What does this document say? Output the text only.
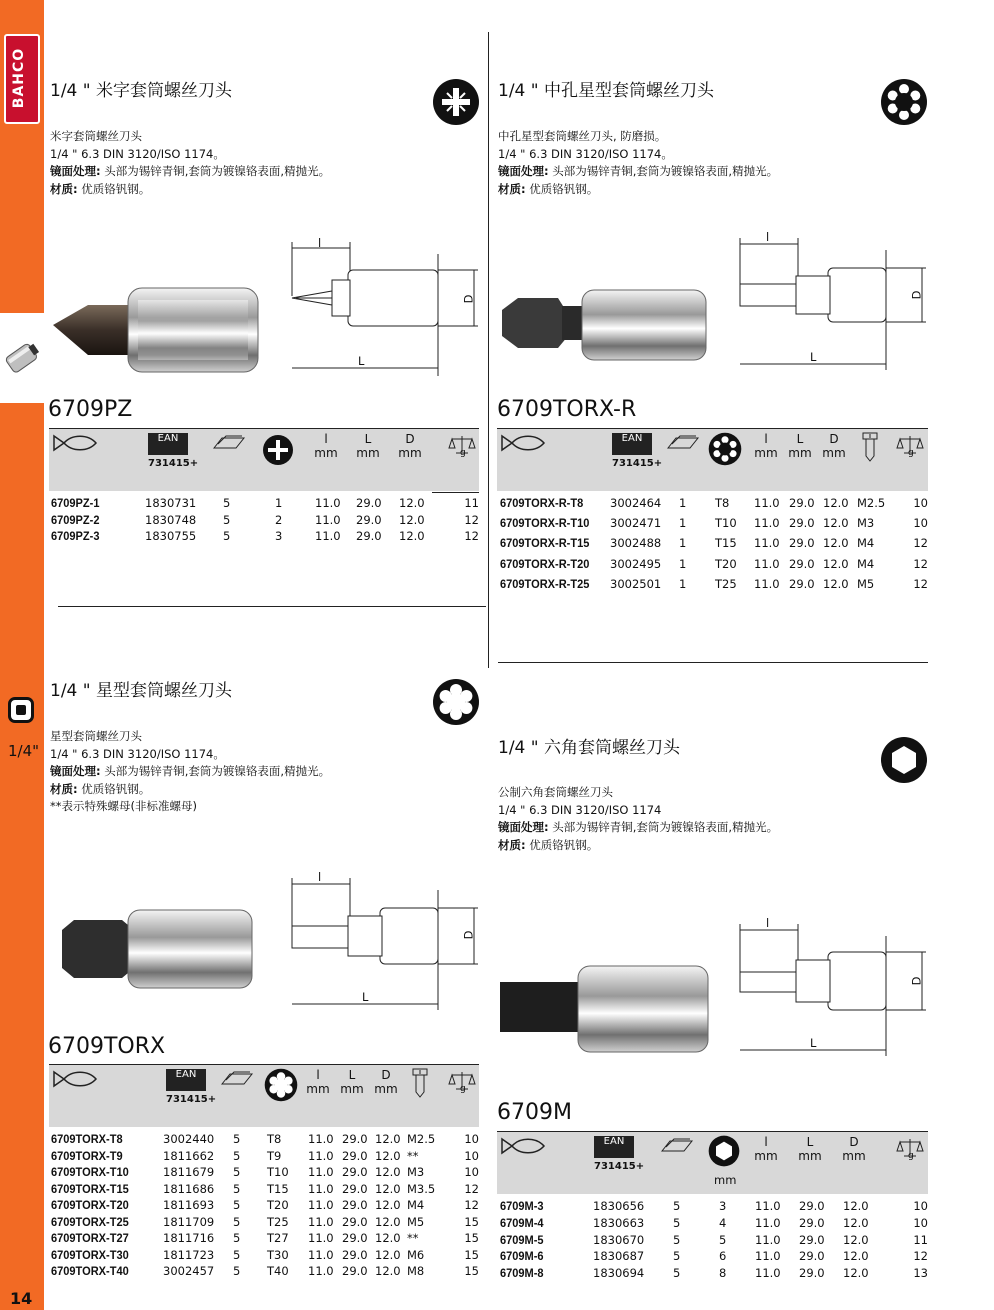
BAHCO
1/4"
14
1/4 " 米字套筒螺丝刀头
米字套筒螺丝刀头
1/4 " 6.3 DIN 3120/ISO 1174。
镜面处理: 头部为锡锌青铜,套筒为镀镍铬表面,精抛光。
材质: 优质铬钒钢。
l
L
D
6709PZ
EAN
731415+
l
mm
L
mm
D
mm	g
6709PZ-1	1830731 5	1	11.0 29.0 12.0	11
6709PZ-2	1830748 5	2	11.0 29.0 12.0	12
6709PZ-3	1830755 5	3	11.0 29.0 12.0	12
1/4 " 中孔星型套筒螺丝刀头
中孔星型套筒螺丝刀头, 防磨损。
1/4 " 6.3 DIN 3120/ISO 1174。
镜面处理: 头部为锡锌青铜,套筒为镀镍铬表面,精抛光。
材质: 优质铬钒钢。
l
L
D
6709TORX-R
EAN
731415+
l
mm
L
mm
D
mm	g
6709TORX-R-T8 3002464 1 T8 11.0 29.0 12.0 M2.5 10
6709TORX-R-T10 3002471 1 T10 11.0 29.0 12.0 M3	10
6709TORX-R-T15 3002488 1 T15 11.0 29.0 12.0 M4	12
6709TORX-R-T20 3002495 1 T20 11.0 29.0 12.0 M4	12
6709TORX-R-T25 3002501 1 T25 11.0 29.0 12.0 M5	12
1/4 " 星型套筒螺丝刀头
星型套筒螺丝刀头
1/4 " 6.3 DIN 3120/ISO 1174。
镜面处理: 头部为锡锌青铜,套筒为镀镍铬表面,精抛光。
材质: 优质铬钒钢。
**表示特殊螺母(非标准螺母)
l
L
D
6709TORX
EAN
731415+
l
mm
L
mm
D
mm	g
6709TORX-T8	3002440 5 T8 11.0 29.0 12.0 M2.5	10
6709TORX-T9	1811662 5 T9 11.0 29.0 12.0 **	10
6709TORX-T10	1811679 5 T10 11.0 29.0 12.0 M3	10
6709TORX-T15	1811686 5 T15 11.0 29.0 12.0 M3.5	12
6709TORX-T20	1811693 5 T20 11.0 29.0 12.0 M4	12
6709TORX-T25	1811709 5 T25 11.0 29.0 12.0 M5	15
6709TORX-T27	1811716 5 T27 11.0 29.0 12.0 **	15
6709TORX-T30	1811723 5 T30 11.0 29.0 12.0 M6	15
6709TORX-T40	3002457 5 T40 11.0 29.0 12.0 M8	15
1/4 " 六角套筒螺丝刀头
公制六角套筒螺丝刀头
1/4 " 6.3 DIN 3120/ISO 1174
镜面处理: 头部为锡锌青铜,套筒为镀镍铬表面,精抛光。
材质: 优质铬钒钢。
l
L
D
6709M
EAN
731415+
mm
l
mm
L
mm
D
mm	g
6709M-3	1830656	5	3 11.0 29.0 12.0	10
6709M-4	1830663	5	4 11.0 29.0 12.0	10
6709M-5	1830670	5	5 11.0 29.0 12.0	11
6709M-6	1830687	5	6 11.0 29.0 12.0	12
6709M-8	1830694	5	8 11.0 29.0 12.0	13
